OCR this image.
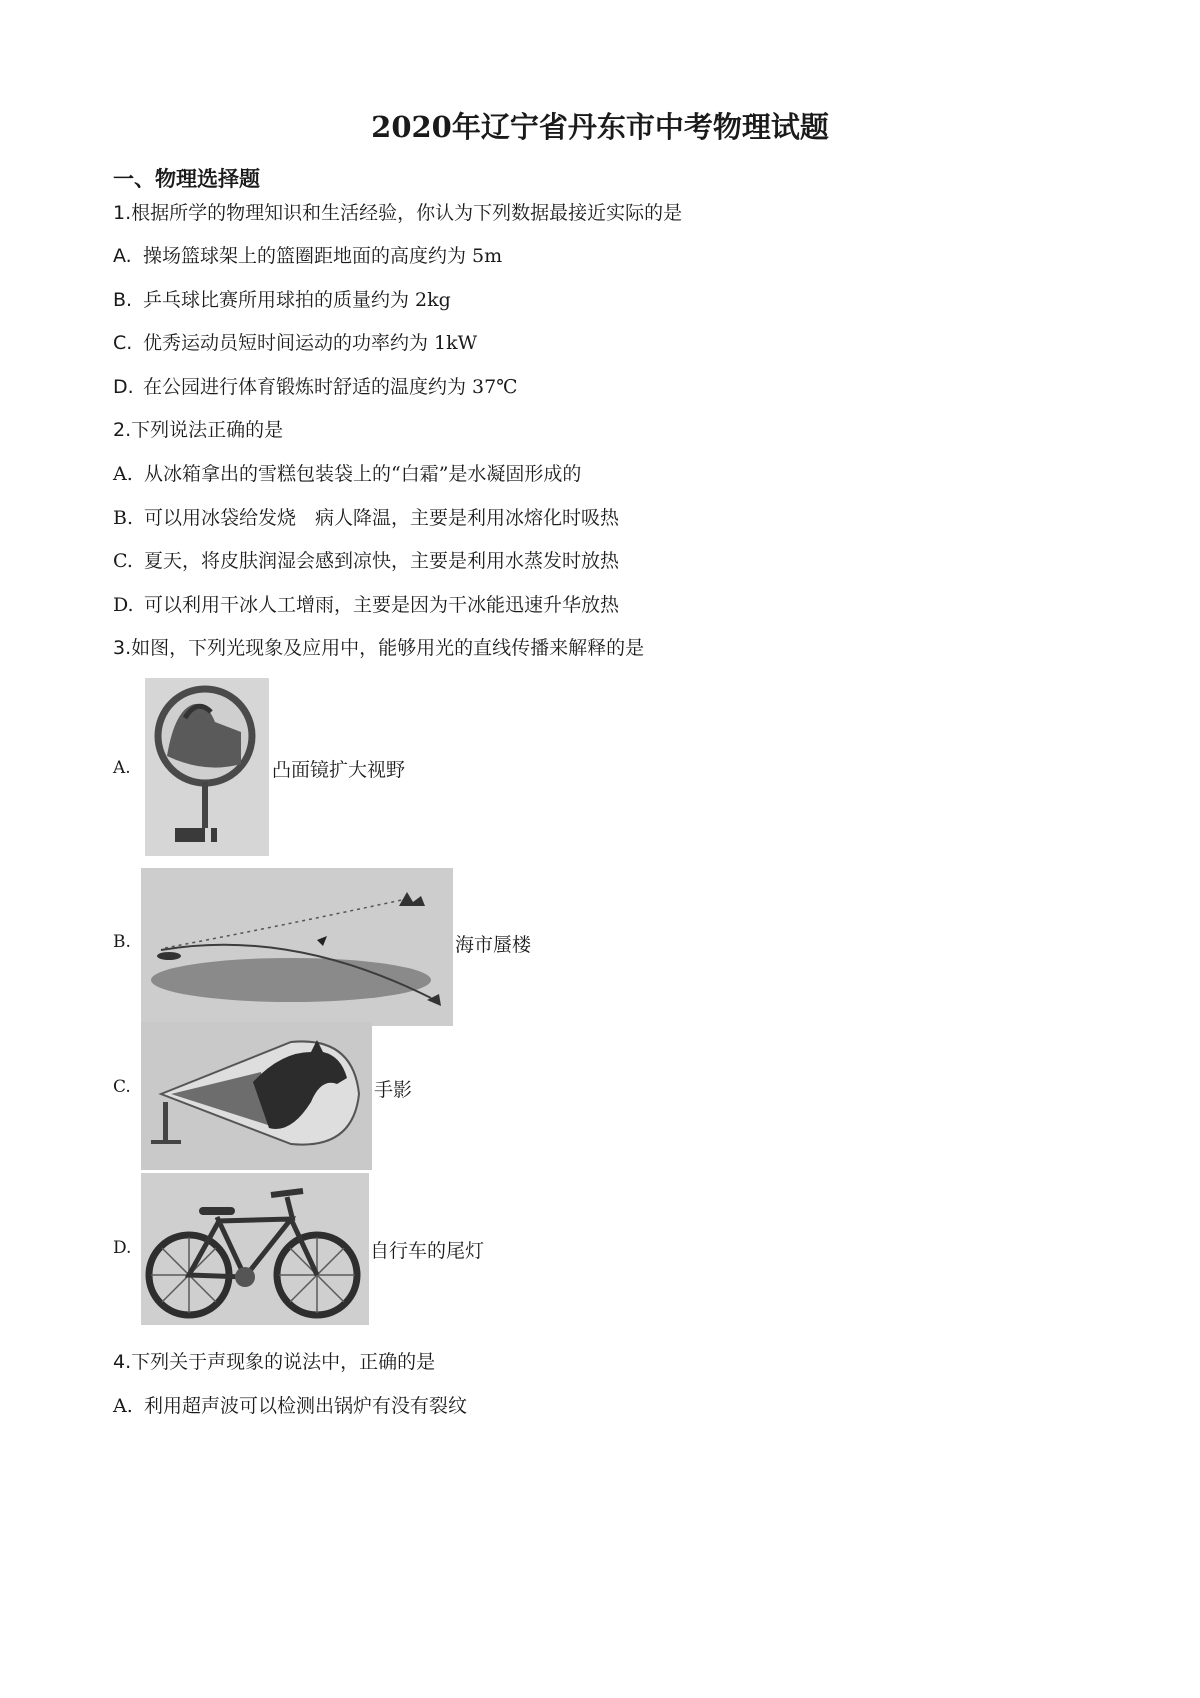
2020年辽宁省丹东市中考物理试题
一、物理选择题
1.根据所学的物理知识和生活经验，你认为下列数据最接近实际的是
A. 操场篮球架上的篮圈距地面的高度约为 5m
B. 乒乓球比赛所用球拍的质量约为 2kg
C. 优秀运动员短时间运动的功率约为 1kW
D. 在公园进行体育锻炼时舒适的温度约为 37℃
2.下列说法正确的是
A. 从冰箱拿出的雪糕包装袋上的“白霜”是水凝固形成的
B. 可以用冰袋给发烧　病人降温，主要是利用冰熔化时吸热
C. 夏天，将皮肤润湿会感到凉快，主要是利用水蒸发时放热
D. 可以利用干冰人工增雨，主要是因为干冰能迅速升华放热
3.如图，下列光现象及应用中，能够用光的直线传播来解释的是
A.	凸面镜扩大视野
B.	海市蜃楼
C.	手影
D.	自行车的尾灯
4.下列关于声现象的说法中，正确的是
A. 利用超声波可以检测出锅炉有没有裂纹
